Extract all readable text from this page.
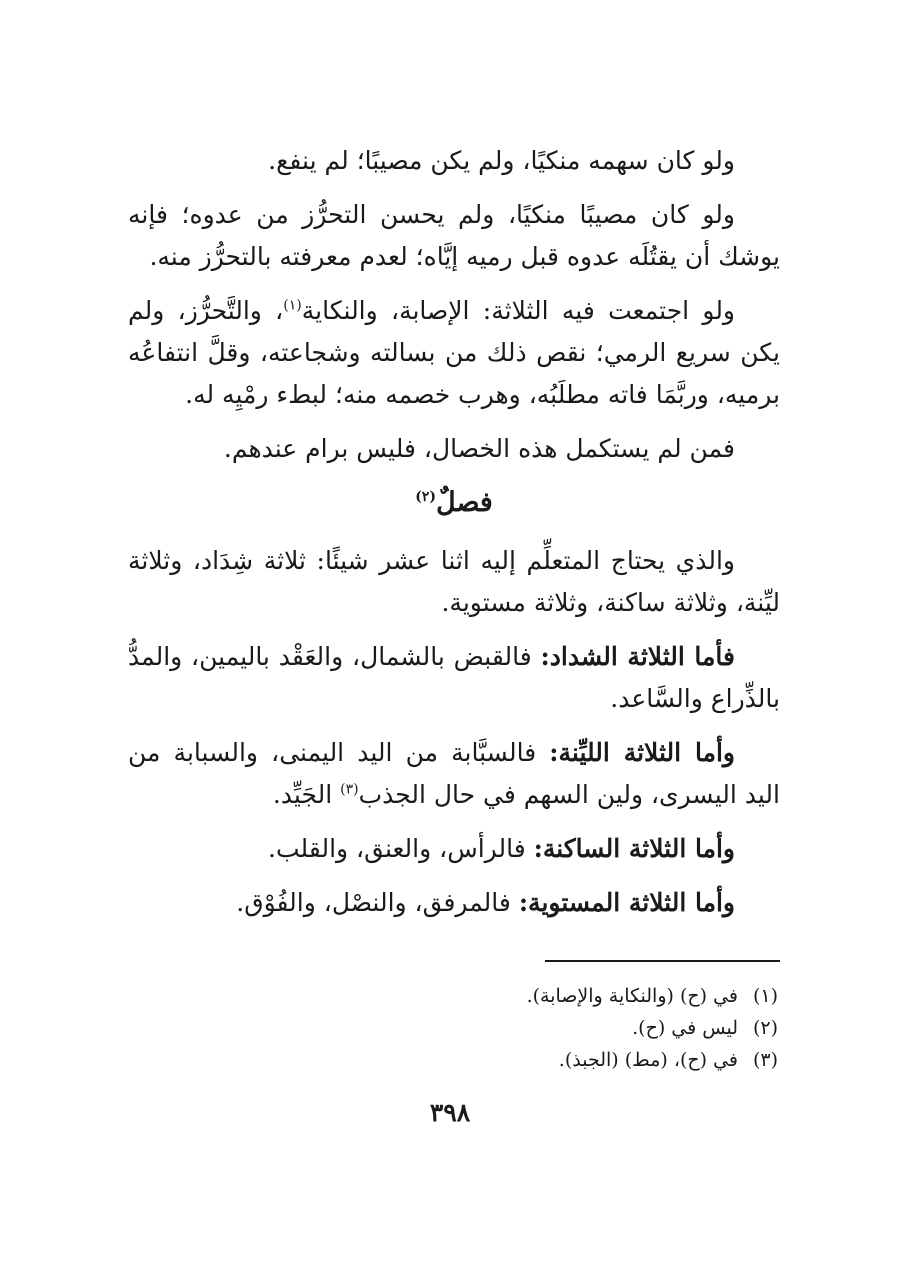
ولو كان سهمه منكيًا، ولم يكن مصيبًا؛ لم ينفع.

ولو كان مصيبًا منكيًا، ولم يحسن التحرُّز من عدوه؛ فإنه يوشك أن يقتُلَه عدوه قبل رميه إيَّاه؛ لعدم معرفته بالتحرُّز منه.

ولو اجتمعت فيه الثلاثة: الإصابة، والنكاية$^{(١)}$، والتَّحرُّز، ولم يكن سريع الرمي؛ نقص ذلك من بسالته وشجاعته، وقلَّ انتفاعُه برميه، وربَّمَا فاته مطلَبُه، وهرب خصمه منه؛ لبطء رمْيِه له.

فمن لم يستكمل هذه الخصال، فليس برام عندهم.

فصلٌ$^{(٢)}$

والذي يحتاج المتعلِّم إليه اثنا عشر شيئًا: ثلاثة شِدَاد، وثلاثة ليِّنة، وثلاثة ساكنة، وثلاثة مستوية.

فأما الثلاثة الشداد: فالقبض بالشمال، والعَقْد باليمين، والمدُّ بالذِّراع والسَّاعد.

وأما الثلاثة الليِّنة: فالسبَّابة من اليد اليمنى، والسبابة من اليد اليسرى، ولين السهم في حال الجذب$^{(٣)}$ الجَيِّد.

وأما الثلاثة الساكنة: فالرأس، والعنق، والقلب.

وأما الثلاثة المستوية: فالمرفق، والنصْل، والفُوْق.

(١)في (ح) (والنكاية والإصابة).

(٢)ليس في (ح).

(٣)في (ح)، (مط) (الجبذ).

٣٩٨
